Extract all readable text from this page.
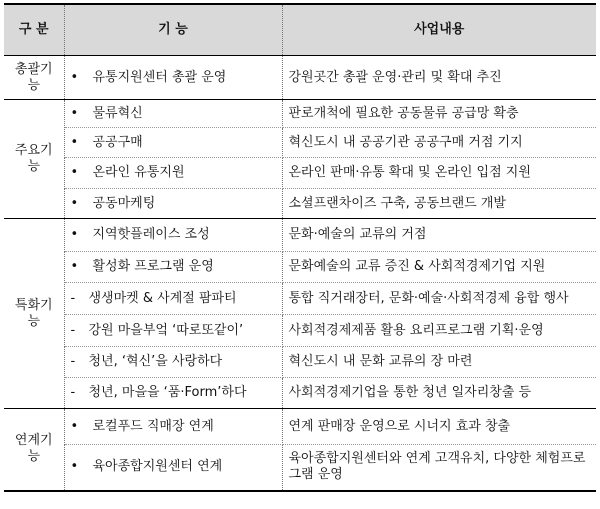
구 분	기 능	사업내용
총괄기능	• 유통지원센터 총괄 운영	강원곳간 총괄 운영·관리 및 확대 추진
주요기능	• 물류혁신	판로개척에 필요한 공동물류 공급망 확충
	• 공공구매	혁신도시 내 공공기관 공공구매 거점 기지
	• 온라인 유통지원	온라인 판매·유통 확대 및 온라인 입점 지원
	• 공동마케팅	소셜프랜차이즈 구축, 공동브랜드 개발
특화기능	• 지역핫플레이스 조성	문화·예술의 교류의 거점
	• 활성화 프로그램 운영	문화예술의 교류 증진 & 사회적경제기업 지원
	- 생생마켓 & 사계절 팜파티	통합 직거래장터, 문화·예술·사회적경제 융합 행사
	- 강원 마을부엌 ‘따로또같이’	사회적경제제품 활용 요리프로그램 기획·운영
	- 청년, ‘혁신’을 사랑하다	혁신도시 내 문화 교류의 장 마련
	- 청년, 마을을 ‘품·Form’하다	사회적경제기업을 통한 청년 일자리창출 등
연계기능	• 로컬푸드 직매장 연계	연계 판매장 운영으로 시너지 효과 창출
	• 육아종합지원센터 연계	육아종합지원센터와 연계 고객유치, 다양한 체험프로그램 운영
